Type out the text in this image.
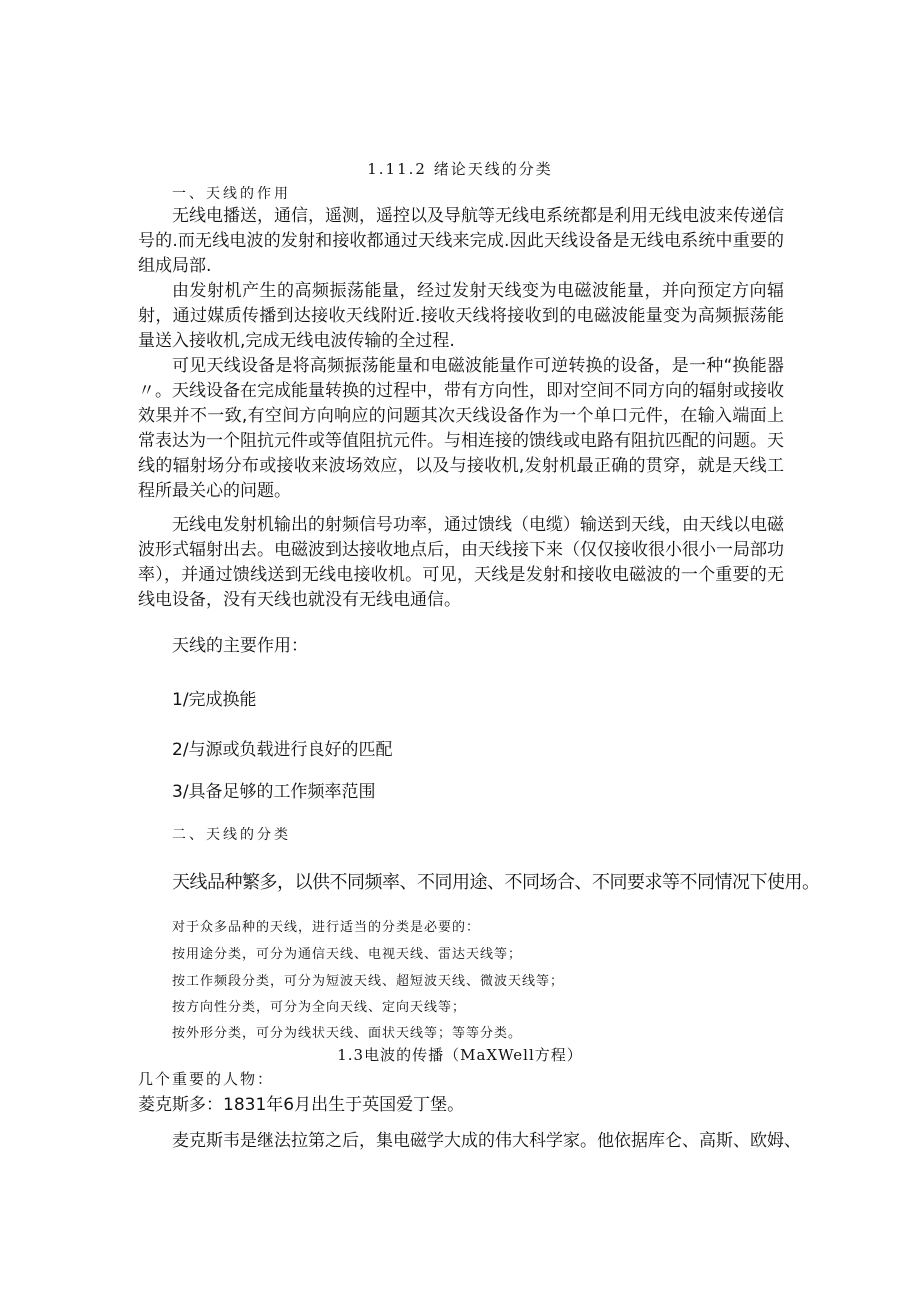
1.11.2 绪论天线的分类
一、天线的作用

无线电播送，通信，遥测，遥控以及导航等无线电系统都是利用无线电波来传递信号的.而无线电波的发射和接收都通过天线来完成.因此天线设备是无线电系统中重要的组成局部.

由发射机产生的高频振荡能量，经过发射天线变为电磁波能量，并向预定方向辐射，通过媒质传播到达接收天线附近.接收天线将接收到的电磁波能量变为高频振荡能量送入接收机,完成无线电波传输的全过程.

可见天线设备是将高频振荡能量和电磁波能量作可逆转换的设备，是一种“换能器〃。天线设备在完成能量转换的过程中，带有方向性，即对空间不同方向的辐射或接收效果并不一致,有空间方向响应的问题其次天线设备作为一个单口元件，在输入端面上常表达为一个阻抗元件或等值阻抗元件。与相连接的馈线或电路有阻抗匹配的问题。天线的辐射场分布或接收来波场效应，以及与接收机,发射机最正确的贯穿，就是天线工程所最关心的问题。

无线电发射机输出的射频信号功率，通过馈线（电缆）输送到天线，由天线以电磁波形式辐射出去。电磁波到达接收地点后，由天线接下来（仅仅接收很小很小一局部功率），并通过馈线送到无线电接收机。可见，天线是发射和接收电磁波的一个重要的无线电设备，没有天线也就没有无线电通信。

天线的主要作用：
1/完成换能
2/与源或负载进行良好的匹配
3/具备足够的工作频率范围
二、天线的分类
天线品种繁多，以供不同频率、不同用途、不同场合、不同要求等不同情况下使用。
对于众多品种的天线，进行适当的分类是必要的：
按用途分类，可分为通信天线、电视天线、雷达天线等；
按工作频段分类，可分为短波天线、超短波天线、微波天线等；
按方向性分类，可分为全向天线、定向天线等；
按外形分类，可分为线状天线、面状天线等；等等分类。
1.3电波的传播（MaXWell方程）
几个重要的人物：
菱克斯多：1831年6月出生于英国爱丁堡。
麦克斯韦是继法拉第之后，集电磁学大成的伟大科学家。他依据库仑、高斯、欧姆、
